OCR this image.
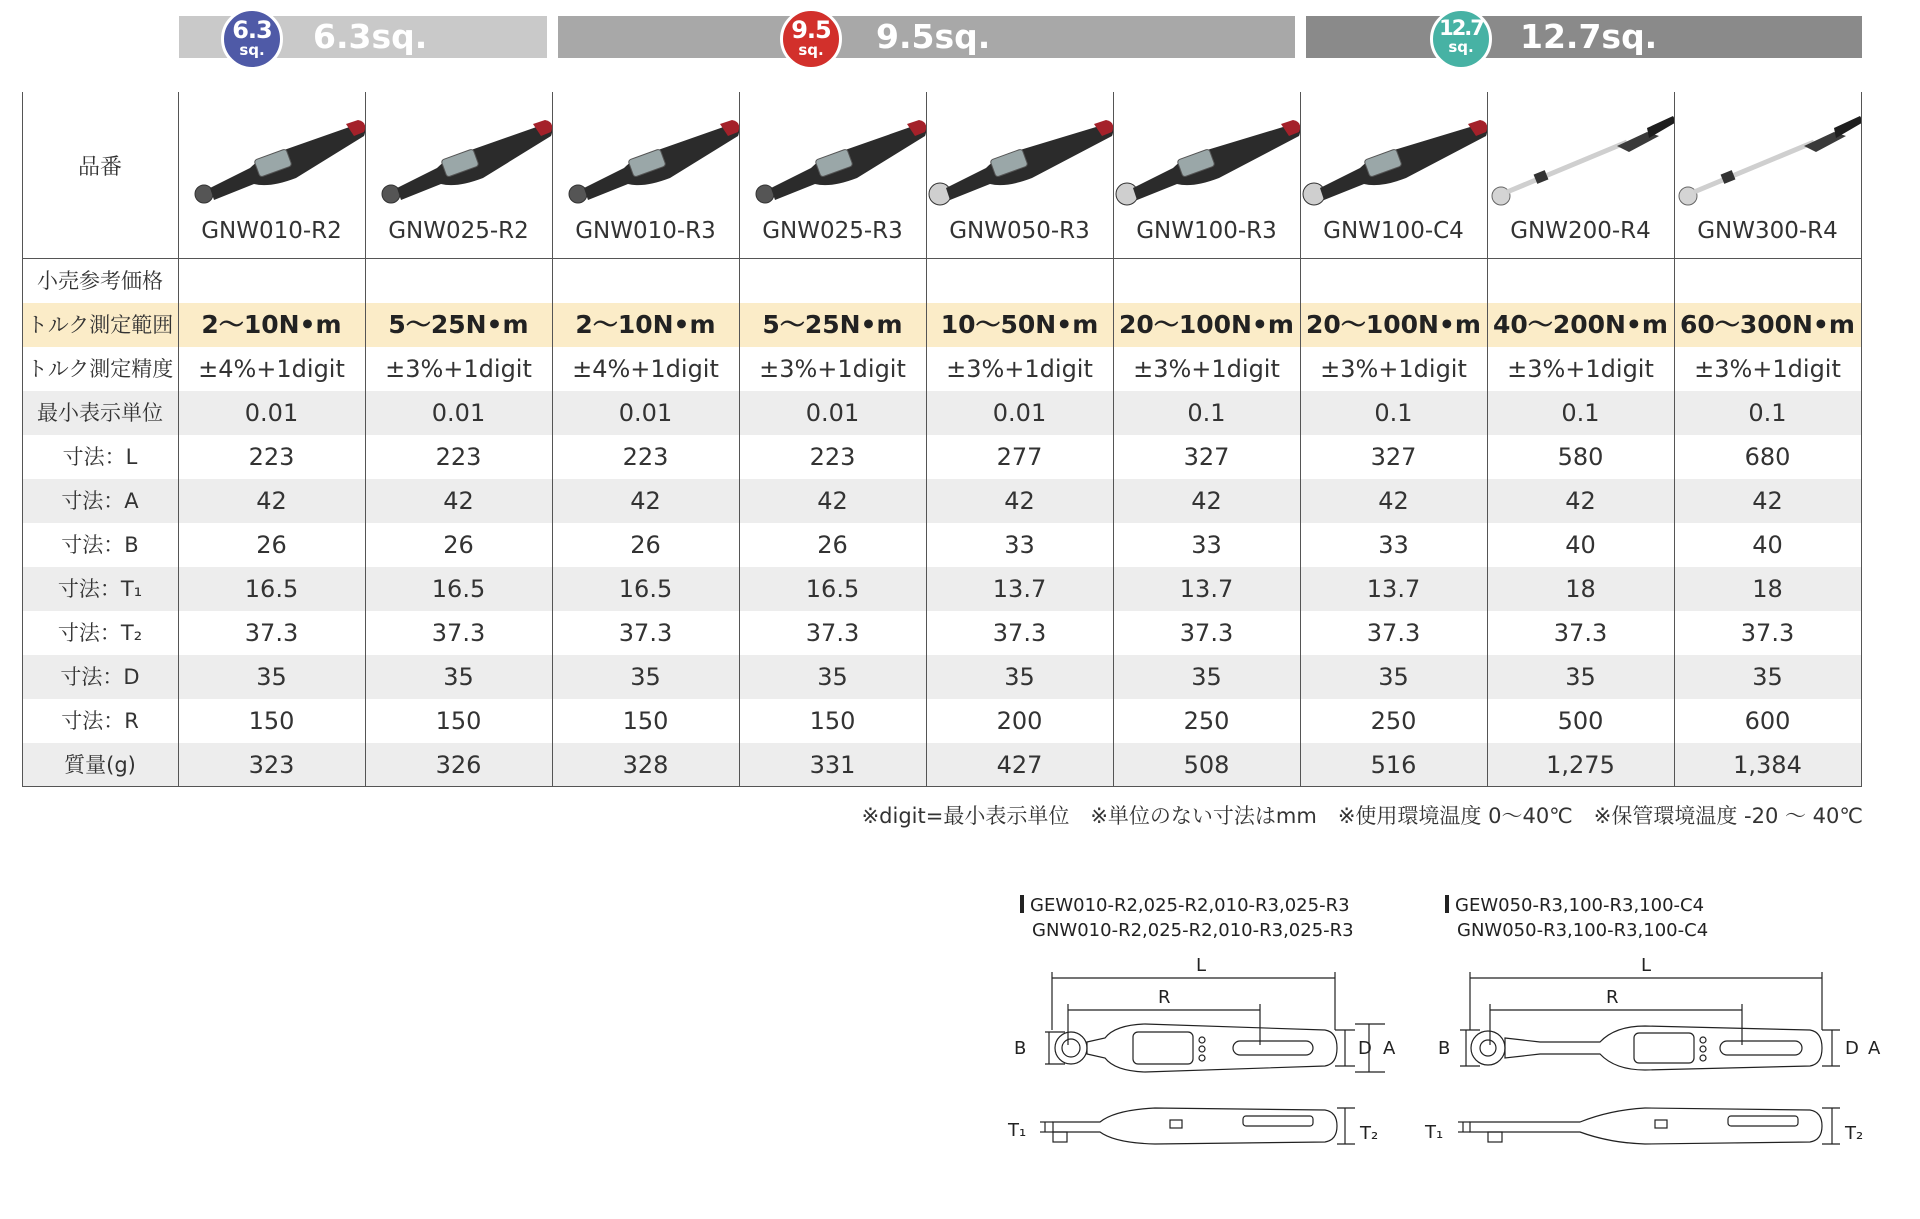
6.3sq.
6.3
sq.	9.5sq.
9.5
sq.	12.7sq.
12.7
sq.
品番
GNW010-R2	GNW025-R2	GNW010-R3	GNW025-R3	GNW050-R3	GNW100-R3	GNW100-C4	GNW200-R4	GNW300-R4
小売参考価格
トルク測定範囲	2～10N•m	5～25N•m	2～10N•m	5～25N•m	10～50N•m 20～100N•m 20～100N•m 40～200N•m 60～300N•m
トルク測定精度	±4%+1digit	±3%+1digit	±4%+1digit	±3%+1digit	±3%+1digit	±3%+1digit	±3%+1digit	±3%+1digit	±3%+1digit
最小表示単位	0.01	0.01	0.01	0.01	0.01	0.1	0.1	0.1	0.1
寸法：L	223	223	223	223	277	327	327	580	680
寸法：A	42	42	42	42	42	42	42	42	42
寸法：B	26	26	26	26	33	33	33	40	40
寸法：T₁	16.5	16.5	16.5	16.5	13.7	13.7	13.7	18	18
寸法：T₂	37.3	37.3	37.3	37.3	37.3	37.3	37.3	37.3	37.3
寸法：D	35	35	35	35	35	35	35	35	35
寸法：R	150	150	150	150	200	250	250	500	600
質量(g)	323	326	328	331	427	508	516	1,275	1,384
※digit=最小表示単位　※単位のない寸法はmm　※使用環境温度 0～40℃　※保管環境温度 -20 ～ 40℃
GEW010-R2,025-R2,010-R3,025-R3
GNW010-R2,025-R2,010-R3,025-R3
GEW050-R3,100-R3,100-C4
GNW050-R3,100-R3,100-C4
L
R
B	D A
T₁	T₂
L
R
B	D A
T₁	T₂
